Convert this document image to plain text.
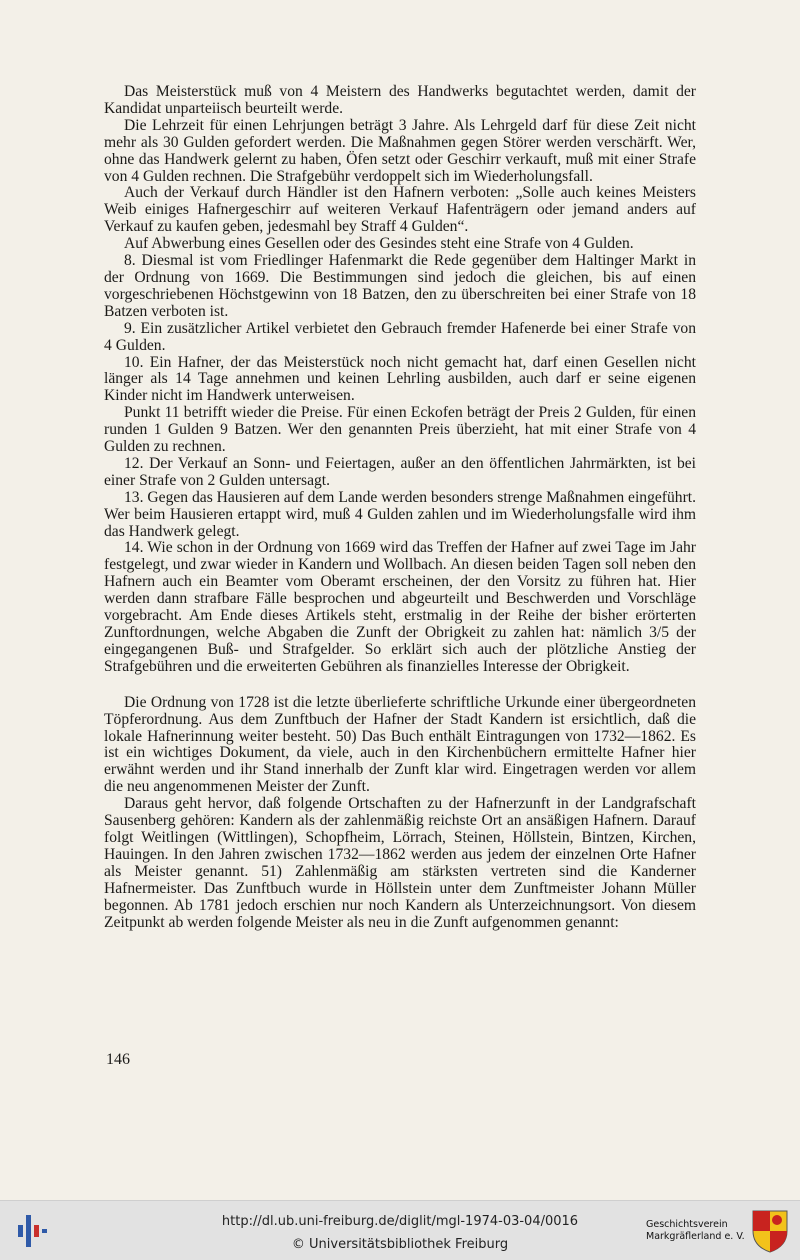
Das Meisterstück muß von 4 Meistern des Handwerks begutachtet werden, damit der Kandidat unparteiisch beurteilt werde.

Die Lehrzeit für einen Lehrjungen beträgt 3 Jahre. Als Lehrgeld darf für diese Zeit nicht mehr als 30 Gulden gefordert werden. Die Maßnahmen gegen Störer werden verschärft. Wer, ohne das Handwerk gelernt zu haben, Öfen setzt oder Geschirr verkauft, muß mit einer Strafe von 4 Gulden rechnen. Die Strafgebühr verdoppelt sich im Wiederholungsfall.

Auch der Verkauf durch Händler ist den Hafnern verboten: „Solle auch keines Meisters Weib einiges Hafnergeschirr auf weiteren Verkauf Hafenträgern oder jemand anders auf Verkauf zu kaufen geben, jedesmahl bey Straff 4 Gulden“.

Auf Abwerbung eines Gesellen oder des Gesindes steht eine Strafe von 4 Gulden.

8. Diesmal ist vom Friedlinger Hafenmarkt die Rede gegenüber dem Haltinger Markt in der Ordnung von 1669. Die Bestimmungen sind jedoch die gleichen, bis auf einen vorgeschriebenen Höchstgewinn von 18 Batzen, den zu überschreiten bei einer Strafe von 18 Batzen verboten ist.

9. Ein zusätzlicher Artikel verbietet den Gebrauch fremder Hafenerde bei einer Strafe von 4 Gulden.

10. Ein Hafner, der das Meisterstück noch nicht gemacht hat, darf einen Gesellen nicht länger als 14 Tage annehmen und keinen Lehrling ausbilden, auch darf er seine eigenen Kinder nicht im Handwerk unterweisen.

Punkt 11 betrifft wieder die Preise. Für einen Eckofen beträgt der Preis 2 Gulden, für einen runden 1 Gulden 9 Batzen. Wer den genannten Preis überzieht, hat mit einer Strafe von 4 Gulden zu rechnen.

12. Der Verkauf an Sonn- und Feiertagen, außer an den öffentlichen Jahrmärkten, ist bei einer Strafe von 2 Gulden untersagt.

13. Gegen das Hausieren auf dem Lande werden besonders strenge Maßnahmen eingeführt. Wer beim Hausieren ertappt wird, muß 4 Gulden zahlen und im Wiederholungsfalle wird ihm das Handwerk gelegt.

14. Wie schon in der Ordnung von 1669 wird das Treffen der Hafner auf zwei Tage im Jahr festgelegt, und zwar wieder in Kandern und Wollbach. An diesen beiden Tagen soll neben den Hafnern auch ein Beamter vom Oberamt erscheinen, der den Vorsitz zu führen hat. Hier werden dann strafbare Fälle besprochen und abgeurteilt und Beschwerden und Vorschläge vorgebracht. Am Ende dieses Artikels steht, erstmalig in der Reihe der bisher erörterten Zunftordnungen, welche Abgaben die Zunft der Obrigkeit zu zahlen hat: nämlich 3/5 der eingegangenen Buß- und Strafgelder. So erklärt sich auch der plötzliche Anstieg der Strafgebühren und die erweiterten Gebühren als finanzielles Interesse der Obrigkeit.

Die Ordnung von 1728 ist die letzte überlieferte schriftliche Urkunde einer übergeordneten Töpferordnung. Aus dem Zunftbuch der Hafner der Stadt Kandern ist ersichtlich, daß die lokale Hafnerinnung weiter besteht. 50) Das Buch enthält Eintragungen von 1732—1862. Es ist ein wichtiges Dokument, da viele, auch in den Kirchenbüchern ermittelte Hafner hier erwähnt werden und ihr Stand innerhalb der Zunft klar wird. Eingetragen werden vor allem die neu angenommenen Meister der Zunft.

Daraus geht hervor, daß folgende Ortschaften zu der Hafnerzunft in der Landgrafschaft Sausenberg gehören: Kandern als der zahlenmäßig reichste Ort an ansäßigen Hafnern. Darauf folgt Weitlingen (Wittlingen), Schopfheim, Lörrach, Steinen, Höllstein, Bintzen, Kirchen, Hauingen. In den Jahren zwischen 1732—1862 werden aus jedem der einzelnen Orte Hafner als Meister genannt. 51) Zahlenmäßig am stärksten vertreten sind die Kanderner Hafnermeister. Das Zunftbuch wurde in Höllstein unter dem Zunftmeister Johann Müller begonnen. Ab 1781 jedoch erschien nur noch Kandern als Unterzeichnungsort. Von diesem Zeitpunkt ab werden folgende Meister als neu in die Zunft aufgenommen genannt:

146
http://dl.ub.uni-freiburg.de/diglit/mgl-1974-03-04/0016
© Universitätsbibliothek Freiburg
Geschichtsverein
Markgräflerland e. V.
